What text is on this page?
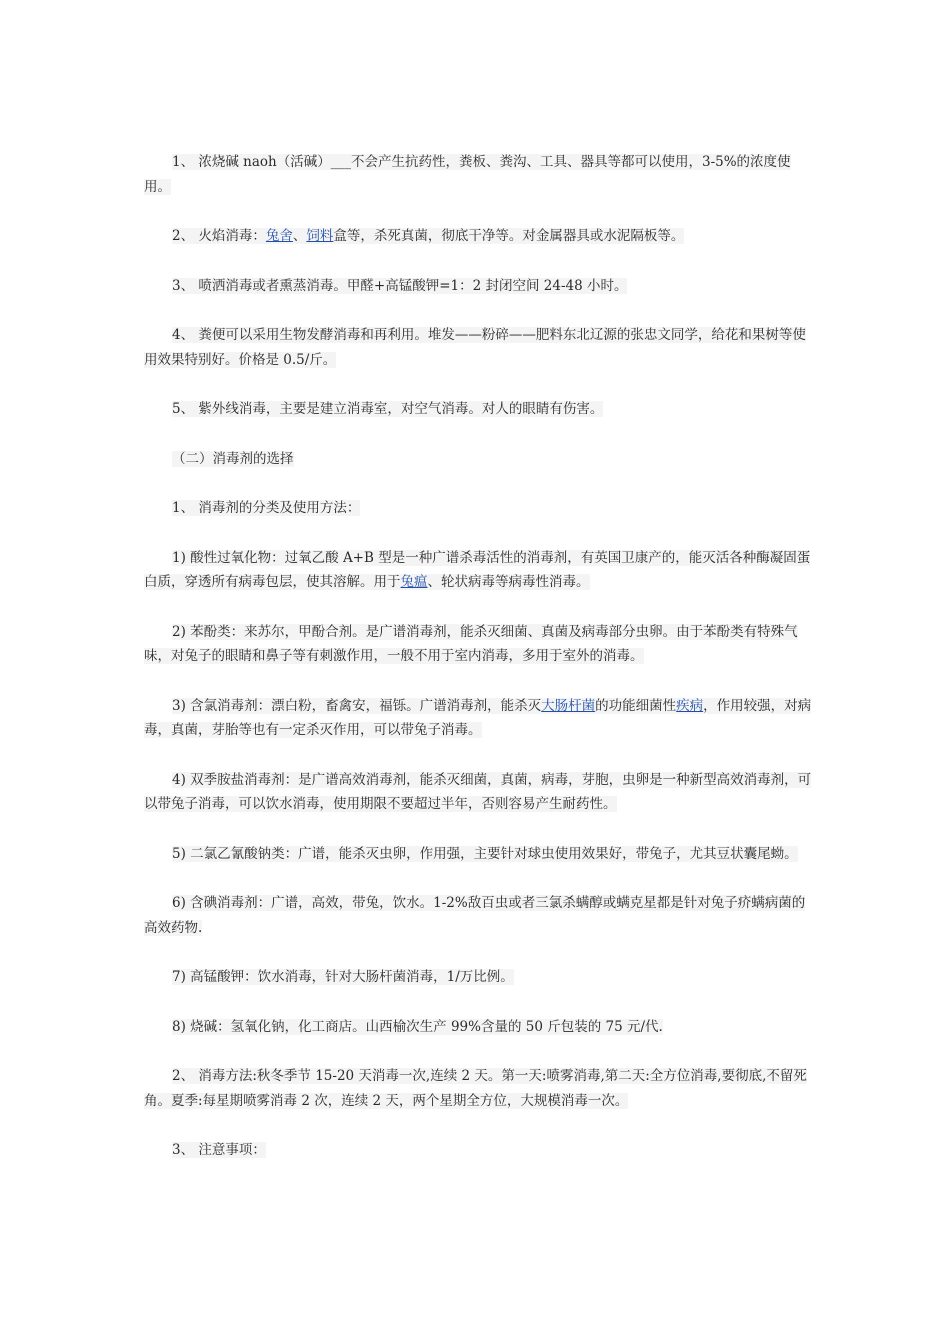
1、 浓烧碱 naoh（活碱）___不会产生抗药性，粪板、粪沟、工具、器具等都可以使用，3-5%的浓度使用。

2、 火焰消毒：兔舍、饲料盒等，杀死真菌，彻底干净等。对金属器具或水泥隔板等。

3、 喷洒消毒或者熏蒸消毒。甲醛+高锰酸钾=1：2 封闭空间 24-48 小时。

4、 粪便可以采用生物发酵消毒和再利用。堆发——粉碎——肥料东北辽源的张忠文同学，给花和果树等使用效果特别好。价格是 0.5/斤。

5、 紫外线消毒，主要是建立消毒室，对空气消毒。对人的眼睛有伤害。

（二）消毒剂的选择

1、 消毒剂的分类及使用方法：

1) 酸性过氧化物：过氧乙酸 A+B 型是一种广谱杀毒活性的消毒剂，有英国卫康产的，能灭活各种酶凝固蛋白质，穿透所有病毒包层，使其溶解。用于兔瘟、轮状病毒等病毒性消毒。

2) 苯酚类：来苏尔，甲酚合剂。是广谱消毒剂，能杀灭细菌、真菌及病毒部分虫卵。由于苯酚类有特殊气味，对兔子的眼睛和鼻子等有刺激作用，一般不用于室内消毒，多用于室外的消毒。

3) 含氯消毒剂：漂白粉，畜禽安，福铄。广谱消毒剂，能杀灭大肠杆菌的功能细菌性疾病，作用较强，对病毒，真菌，芽胎等也有一定杀灭作用，可以带兔子消毒。

4) 双季胺盐消毒剂：是广谱高效消毒剂，能杀灭细菌，真菌，病毒，芽胞，虫卵是一种新型高效消毒剂，可以带兔子消毒，可以饮水消毒，使用期限不要超过半年，否则容易产生耐药性。

5) 二氯乙氰酸钠类：广谱，能杀灭虫卵，作用强，主要针对球虫使用效果好，带兔子，尤其豆状囊尾蚴。

6) 含碘消毒剂：广谱，高效，带兔，饮水。1-2%敌百虫或者三氯杀螨醇或螨克星都是针对兔子疥螨病菌的高效药物.

7) 高锰酸钾：饮水消毒，针对大肠杆菌消毒，1/万比例。

8) 烧碱：氢氧化钠，化工商店。山西榆次生产 99%含量的 50 斤包装的 75 元/代.

2、 消毒方法:秋冬季节 15-20 天消毒一次,连续 2 天。第一天:喷雾消毒,第二天:全方位消毒,要彻底,不留死角。夏季:每星期喷雾消毒 2 次，连续 2 天，两个星期全方位，大规模消毒一次。

3、 注意事项：
